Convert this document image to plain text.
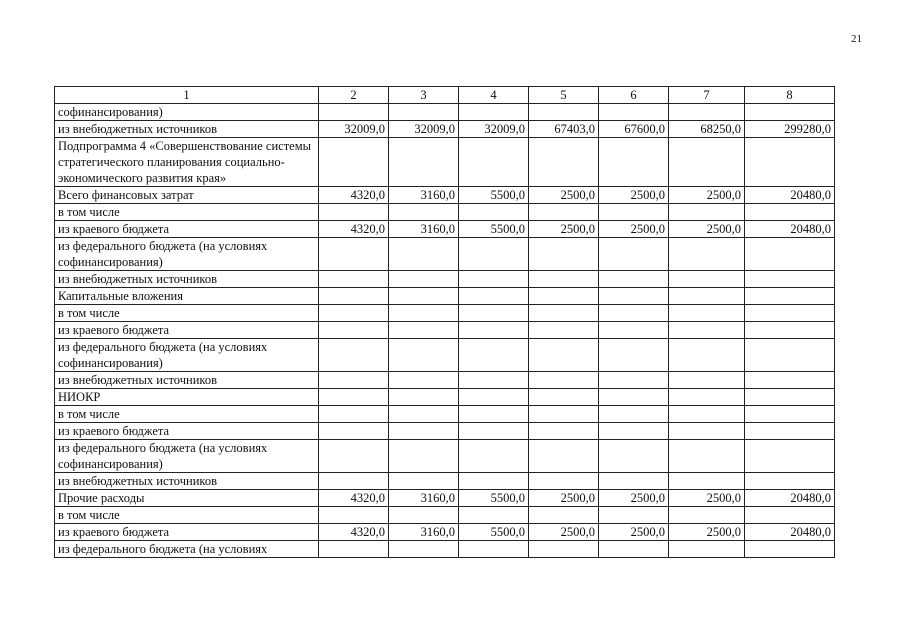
21
1	2	3	4	5	6	7	8
софинансирования)							
из внебюджетных источников	32009,0	32009,0	32009,0	67403,0	67600,0	68250,0	299280,0
Подпрограмма 4 «Совершенствование системы стратегического планирования социально-экономического развития края»							
Всего финансовых затрат	4320,0	3160,0	5500,0	2500,0	2500,0	2500,0	20480,0
в том числе							
из краевого бюджета	4320,0	3160,0	5500,0	2500,0	2500,0	2500,0	20480,0
из федерального бюджета (на условиях софинансирования)							
из внебюджетных источников							
Капитальные вложения							
в том числе							
из краевого бюджета							
из федерального бюджета (на условиях софинансирования)							
из внебюджетных источников							
НИОКР							
в том числе							
из краевого бюджета							
из федерального бюджета (на условиях софинансирования)							
из внебюджетных источников							
Прочие расходы	4320,0	3160,0	5500,0	2500,0	2500,0	2500,0	20480,0
в том числе							
из краевого бюджета	4320,0	3160,0	5500,0	2500,0	2500,0	2500,0	20480,0
из федерального бюджета (на условиях							
